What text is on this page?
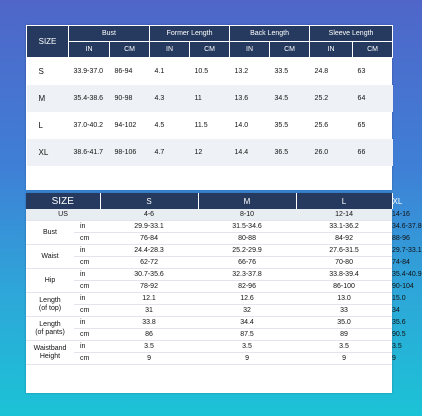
SIZE	Bust		Former Length		Back Length		Sleeve Length	
	IN	CM	IN	CM	IN	CM	IN	CM
S	33.9-37.0	86-94	4.1	10.5	13.2	33.5	24.8	63
M	35.4-38.6	90-98	4.3	11	13.6	34.5	25.2	64
L	37.0-40.2	94-102	4.5	11.5	14.0	35.5	25.6	65
XL	38.6-41.7	98-106	4.7	12	14.4	36.5	26.0	66
SIZE		S	M	L	XL
US		4-6	8-10	12-14	14-16

Bust	in	29.9-33.1	31.5-34.6	33.1-36.2	34.6-37.8
	cm	76-84	80-88	84-92	88-96

Waist	in	24.4-28.3	25.2-29.9	27.6-31.5	29.7-33.1
	cm	62-72	66-76	70-80	74-84

Hip	in	30.7-35.6	32.3-37.8	33.8-39.4	35.4-40.9
	cm	78-92	82-96	86-100	90-104

Length
(of top)	in	12.1	12.6	13.0	15.0
	cm	31	32	33	34

Length
(of pants)	in	33.8	34.4	35.0	35.6
	cm	86	87.5	89	90.5

Waistband
Height	in	3.5	3.5	3.5	3.5
	cm	9	9	9	9
